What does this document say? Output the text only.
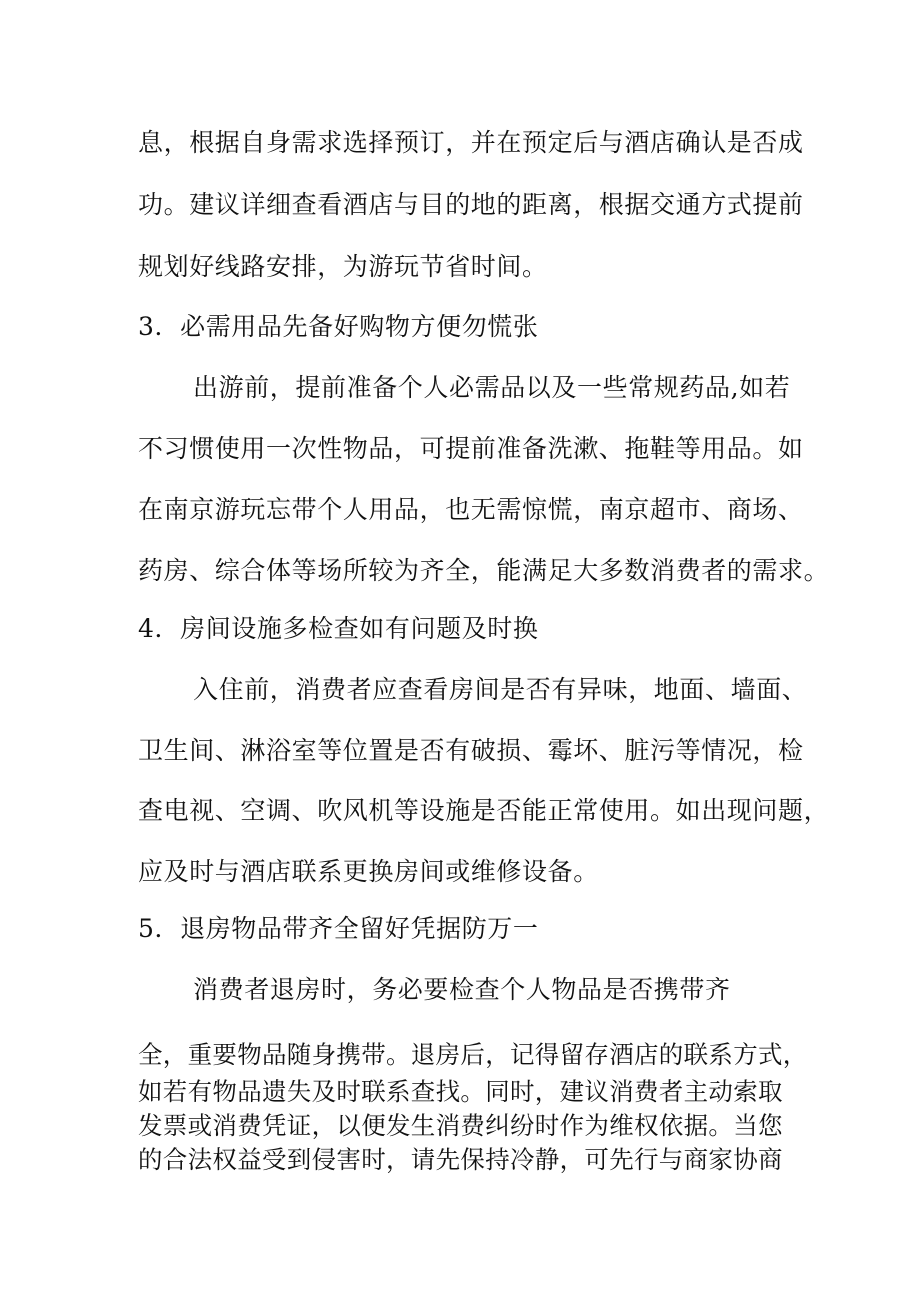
息，根据自身需求选择预订，并在预定后与酒店确认是否成
功。建议详细查看酒店与目的地的距离，根据交通方式提前
规划好线路安排，为游玩节省时间。
3．必需用品先备好购物方便勿慌张
出游前，提前准备个人必需品以及一些常规药品,如若
不习惯使用一次性物品，可提前准备洗漱、拖鞋等用品。如
在南京游玩忘带个人用品，也无需惊慌，南京超市、商场、
药房、综合体等场所较为齐全，能满足大多数消费者的需求。
4．房间设施多检查如有问题及时换
入住前，消费者应查看房间是否有异味，地面、墙面、
卫生间、淋浴室等位置是否有破损、霉坏、脏污等情况，检
查电视、空调、吹风机等设施是否能正常使用。如出现问题，
应及时与酒店联系更换房间或维修设备。
5．退房物品带齐全留好凭据防万一
消费者退房时，务必要检查个人物品是否携带齐
全，重要物品随身携带。退房后，记得留存酒店的联系方式，
如若有物品遗失及时联系查找。同时，建议消费者主动索取
发票或消费凭证，以便发生消费纠纷时作为维权依据。当您
的合法权益受到侵害时，请先保持冷静，可先行与商家协商
